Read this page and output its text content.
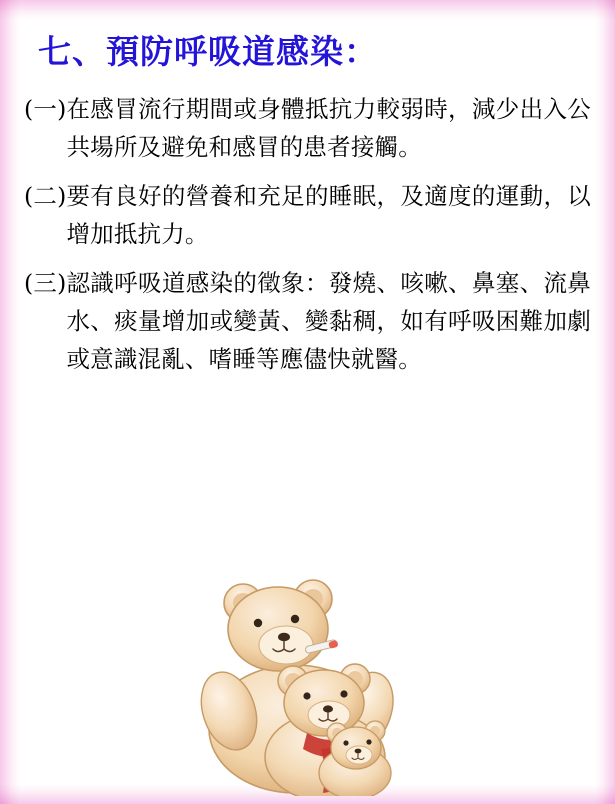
七、預防呼吸道感染：
(一) 在感冒流行期間或身體抵抗力較弱時，減少出入公共場所及避免和感冒的患者接觸。
(二) 要有良好的營養和充足的睡眠，及適度的運動，以增加抵抗力。
(三) 認識呼吸道感染的徵象：發燒、咳嗽、鼻塞、流鼻水、痰量增加或變黃、變黏稠，如有呼吸困難加劇或意識混亂、嗜睡等應儘快就醫。
